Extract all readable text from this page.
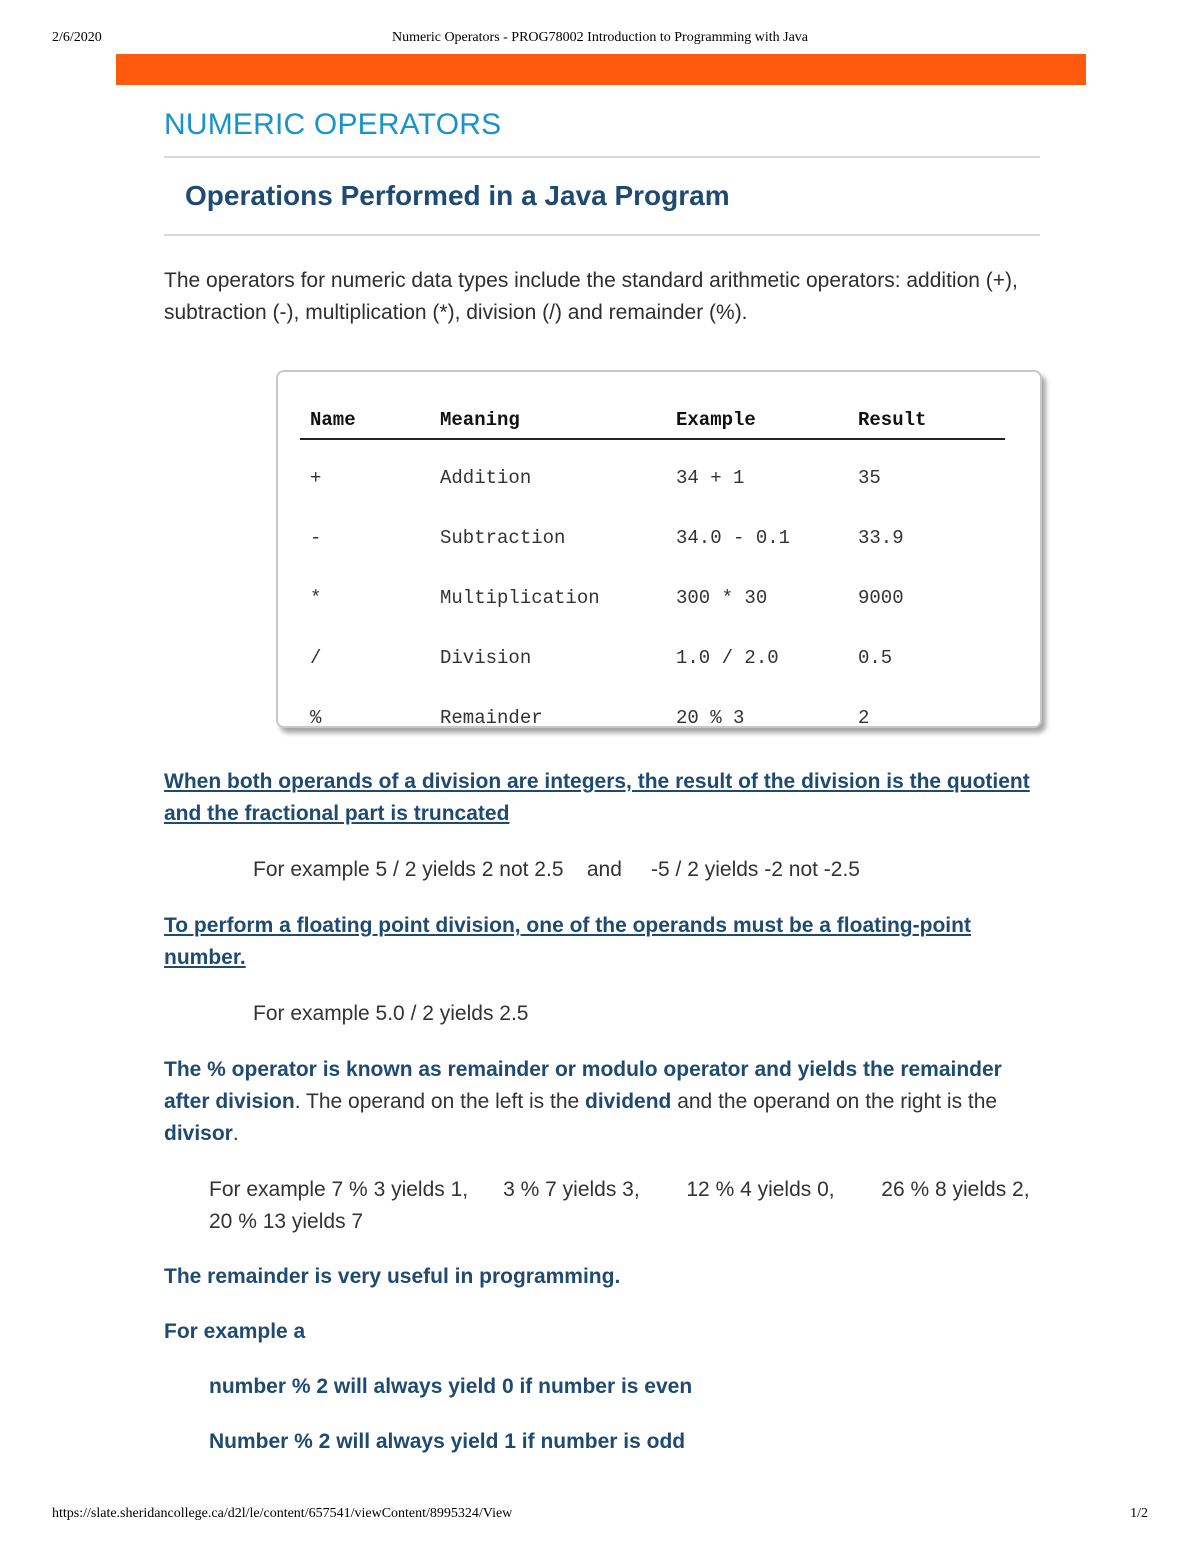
2/6/2020	Numeric Operators - PROG78002 Introduction to Programming with Java
NUMERIC OPERATORS
Operations Performed in a Java Program

The operators for numeric data types include the standard arithmetic operators: addition (+), subtraction (-), multiplication (*), division (/) and remainder (%).

Name	Meaning	Example	Result
+	Addition	34 + 1	35
-	Subtraction	34.0 - 0.1	33.9
*	Multiplication	300 * 30	9000
/	Division	1.0 / 2.0	0.5
%	Remainder	20 % 3	2

When both operands of a division are integers, the result of the division is the quotient and the fractional part is truncated

For example 5 / 2 yields 2 not 2.5    and     -5 / 2 yields -2 not -2.5

To perform a floating point division, one of the operands must be a floating-point number.

For example 5.0 / 2 yields 2.5

The % operator is known as remainder or modulo operator and yields the remainder after division. The operand on the left is the dividend and the operand on the right is the divisor.

For example 7 % 3 yields 1,      3 % 7 yields 3,        12 % 4 yields 0,        26 % 8 yields 2,      20 % 13 yields 7

The remainder is very useful in programming.

For example a

number % 2 will always yield 0 if number is even

Number % 2 will always yield 1 if number is odd

https://slate.sheridancollege.ca/d2l/le/content/657541/viewContent/8995324/View	1/2
